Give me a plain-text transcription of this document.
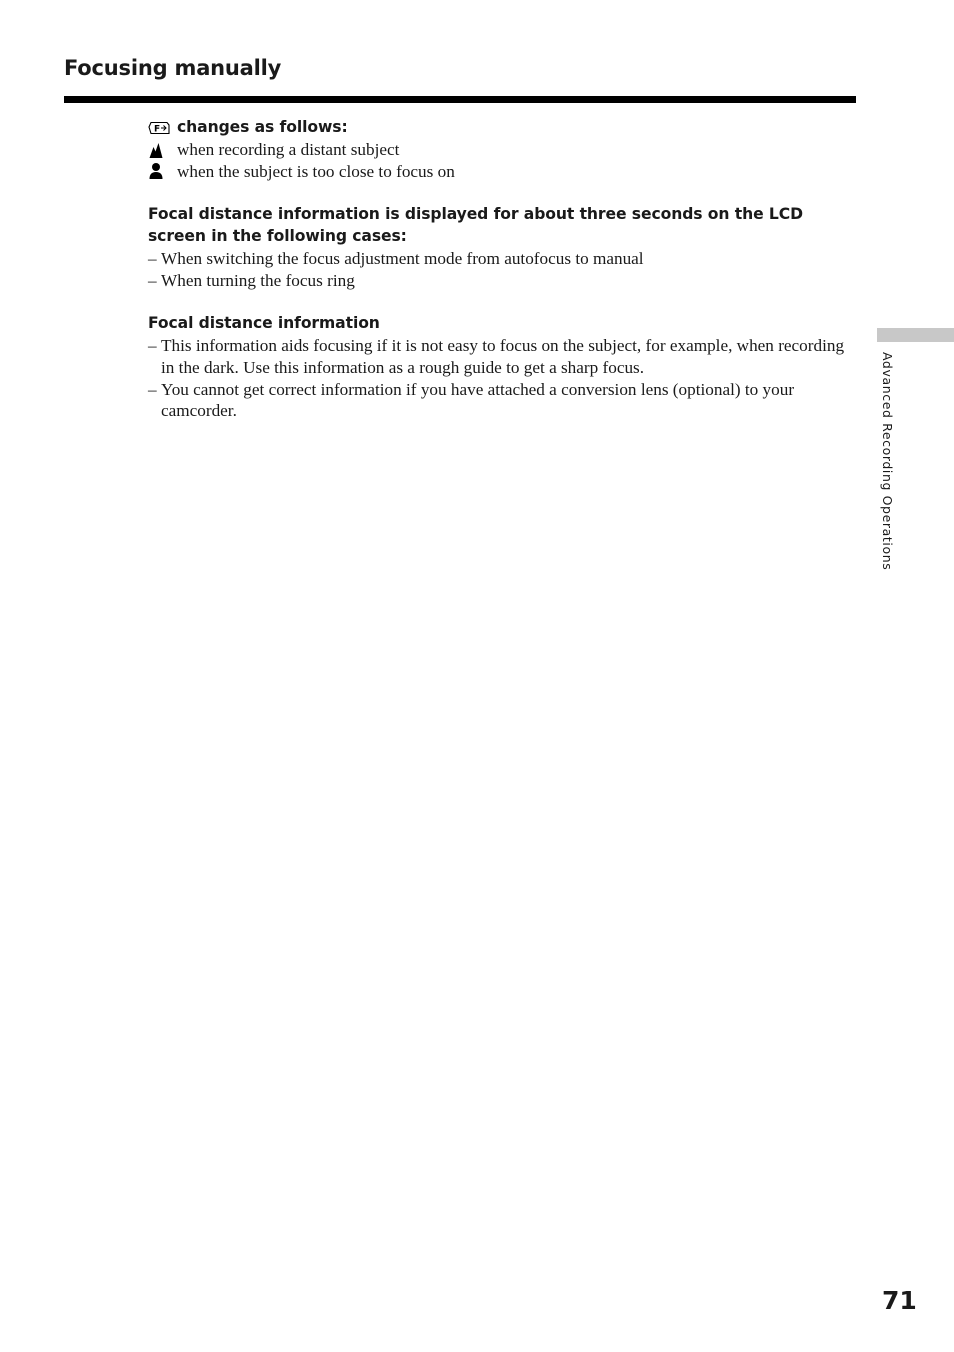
Focusing manually
F changes as follows:
when recording a distant subject
when the subject is too close to focus on
Focal distance information is displayed for about three seconds on the LCD screen in the following cases:
– When switching the focus adjustment mode from autofocus to manual
– When turning the focus ring
Focal distance information
– This information aids focusing if it is not easy to focus on the subject, for example, when recording in the dark. Use this information as a rough guide to get a sharp focus.
– You cannot get correct information if you have attached a conversion lens (optional) to your camcorder.	Advanced Recording Operations
71
